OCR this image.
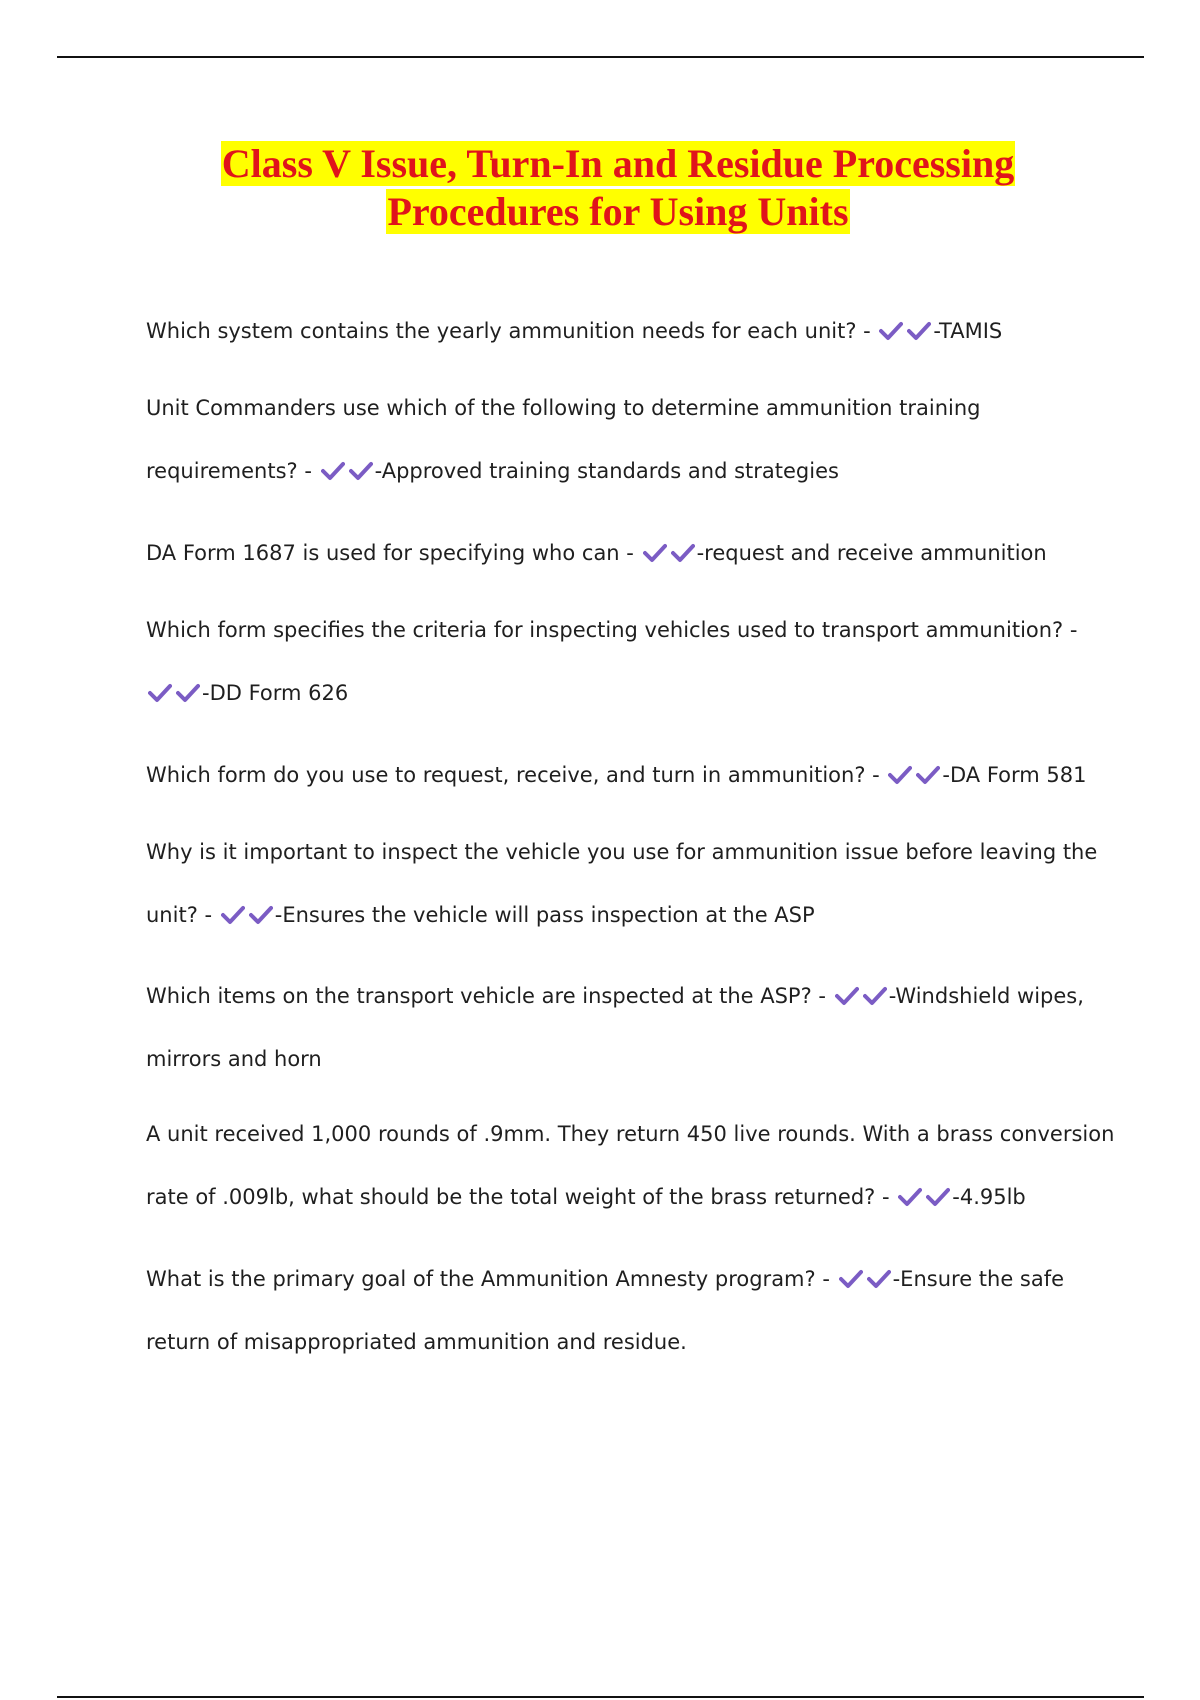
Class V Issue, Turn-In and Residue Processing
Procedures for Using Units
Which system contains the yearly ammunition needs for each unit? -	-TAMIS
Unit Commanders use which of the following to determine ammunition training
requirements? -	-Approved training standards and strategies
DA Form 1687 is used for specifying who can -	-request and receive ammunition
Which form specifies the criteria for inspecting vehicles used to transport ammunition? -

-DD Form 626
Which form do you use to request, receive, and turn in ammunition? -	-DA Form 581
Why is it important to inspect the vehicle you use for ammunition issue before leaving the
unit? -	-Ensures the vehicle will pass inspection at the ASP
Which items on the transport vehicle are inspected at the ASP? -	-Windshield wipes,
mirrors and horn
A unit received 1,000 rounds of .9mm. They return 450 live rounds. With a brass conversion
rate of .009lb, what should be the total weight of the brass returned? -	-4.95lb
What is the primary goal of the Ammunition Amnesty program? -	-Ensure the safe
return of misappropriated ammunition and residue.
